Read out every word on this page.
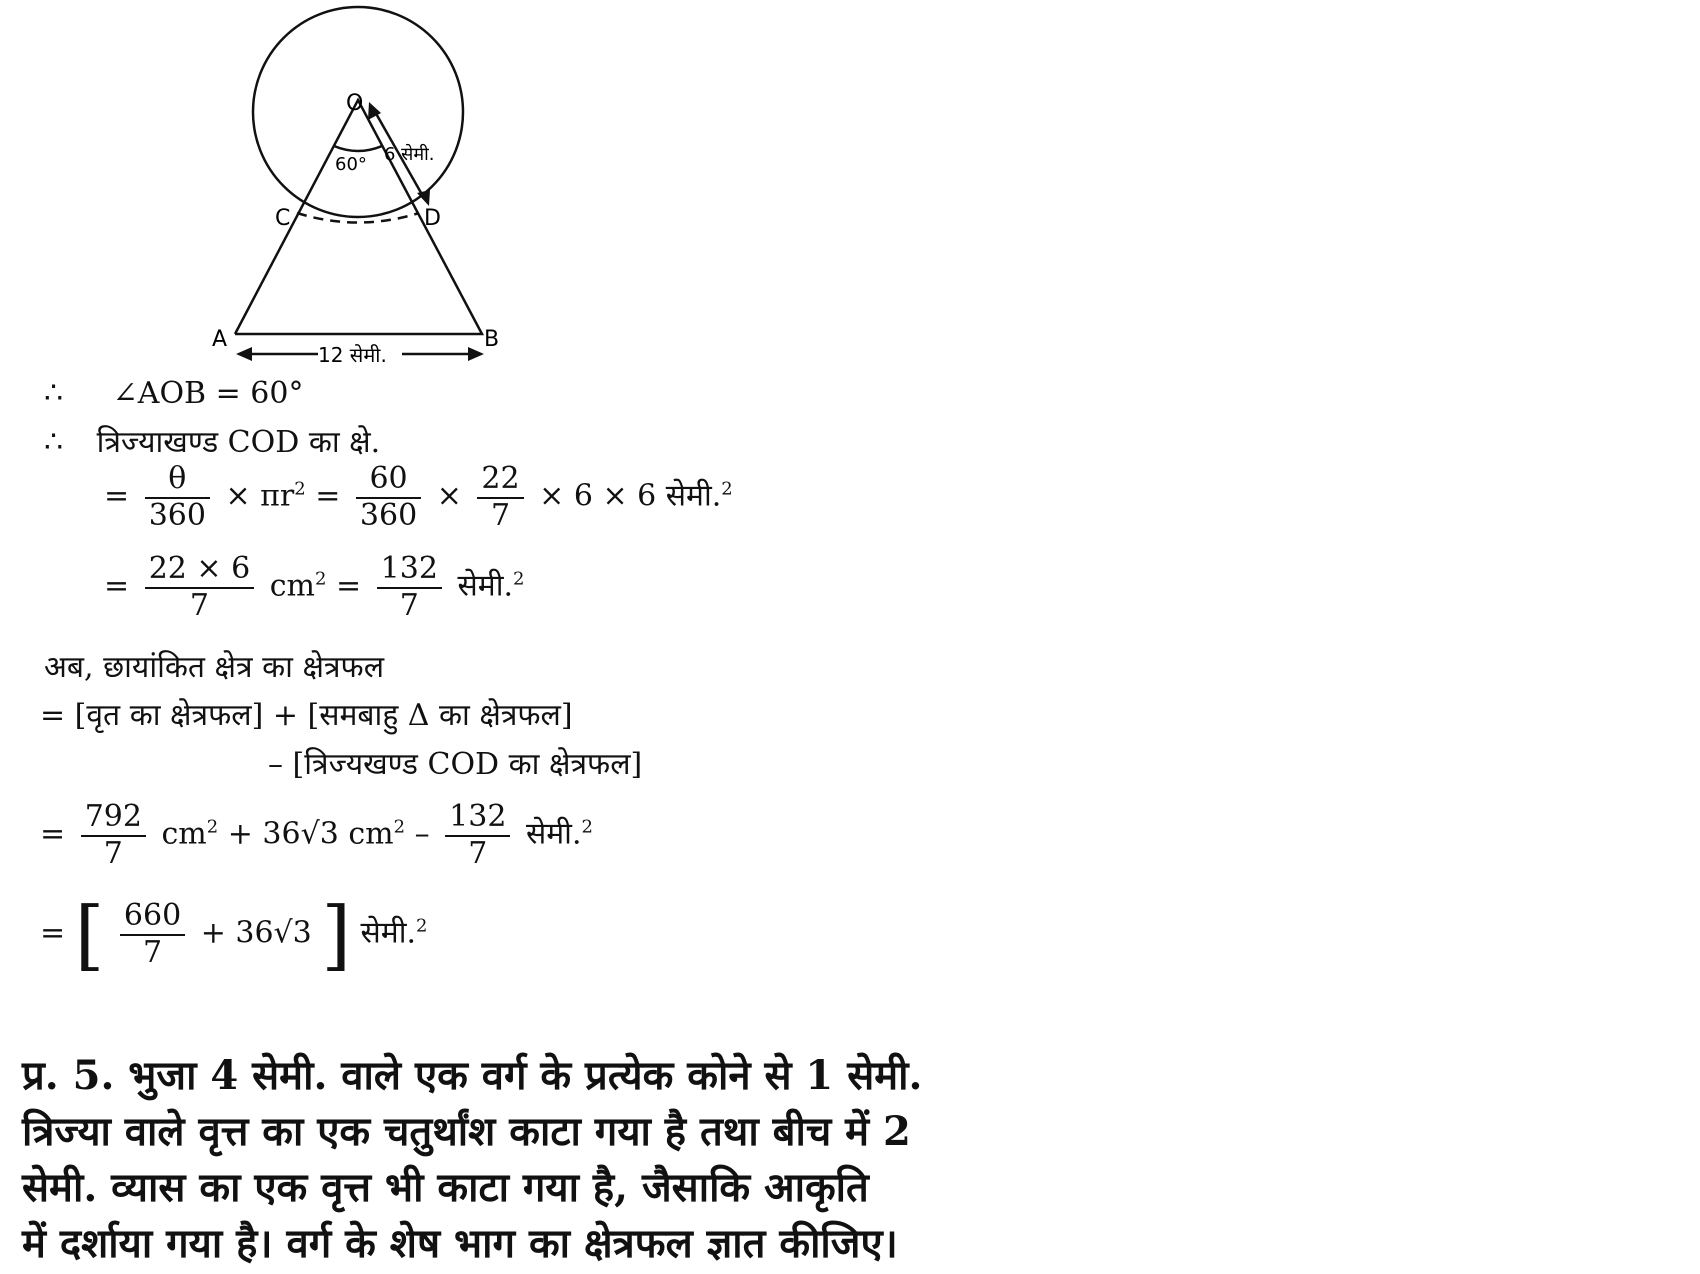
O
A	B
C	D
60° 6 सेमी.
12 सेमी.
∴ ∠AOB = 60°
∴ त्रिज्याखण्ड COD का क्षे.
= $\frac{\theta}{360} \times \pi r^2 = \frac{60}{360} \times \frac{22}{7} \times 6 \times 6$ सेमी.$^2$
= $\frac{22 \times 6}{7} cm^2 = \frac{132}{7}$ सेमी.$^2$
अब, छायांकित क्षेत्र का क्षेत्रफल
= [वृत का क्षेत्रफल] + [समबाहु Δ का क्षेत्रफल]
– [त्रिज्यखण्ड COD का क्षेत्रफल]
= $\frac{792}{7} cm^2 + 36√3$ $cm^2 - \frac{132}{7}$ सेमी.$^2$
= [ $\frac{660}{7} + 36√3$ ] सेमी.$^2$
प्र. 5. भुजा 4 सेमी. वाले एक वर्ग के प्रत्येक कोने से 1 सेमी.
त्रिज्या वाले वृत्त का एक चतुर्थांश काटा गया है तथा बीच में 2
सेमी. व्यास का एक वृत्त भी काटा गया है, जैसाकि आकृति
में दर्शाया गया है। वर्ग के शेष भाग का क्षेत्रफल ज्ञात कीजिए।
